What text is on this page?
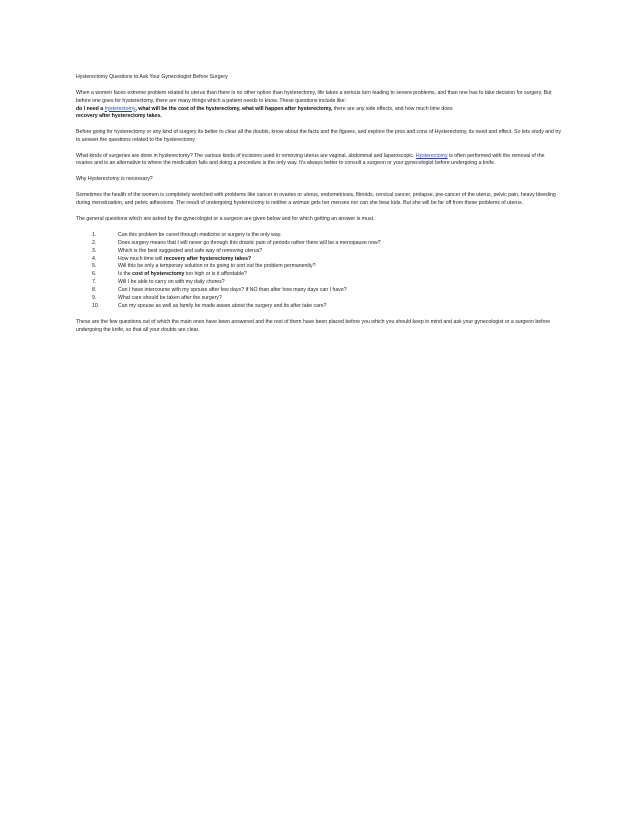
Hysterectomy Questions to Ask Your Gynecologist Before Surgery

When a women faces extreme problem related to uterus than there is no other option than hysterectomy, life takes a serious turn leading to severe problems, and than one has to take decision for surgery. But before one goes for hysterectomy, there are many things which a patient needs to know. These questions include like:
do I need a hysterectomy, what will be the cost of the hysterectomy, what will happen after hysterectomy, there are any side effects, and how much time does
recovery after hysterectomy takes.

Before going for hysterectomy or any kind of surgery its better to clear all the doubts, know about the facts and the figures, and explore the pros and cons of Hysterectomy, its need and effect. So lets study and try to answer the questions related to the hysterectomy.

What kinds of surgeries are done in hysterectomy? The various kinds of incisions used in removing uterus are vaginal, abdominal and laparoscopic. Hysterectomy is often performed with the removal of the ovaries and is an alternative to where the medication fails and doing a procedure is the only way. It's always better to consult a surgeon or your gynecologist before undergoing a knife.

Why Hysterectomy is necessary?

Sometimes the health of the women is completely wretched with problems like cancer in ovaries or uterus, endometriosis, fibroids, cervical cancer, prolapse, pre-cancer of the uterus, pelvic pain, heavy bleeding during menstruation, and pelvic adhesions. The result of undergoing hysterectomy is neither a woman gets her menses nor can she bear kids. But she will be far off from these problems of uterus.

The general questions which are asked by the gynecologist or a surgeon are given below and for which getting an answer is must.

1.	Can this problem be cured through medicine or surgery is the only way.
2.	Does surgery means that I will never go through this drastic pain of periods rather there will be a menopause now?
3.	Which is the best suggested and safe way of removing uterus?
4.	How much time will recovery after hysterectomy takes?
5.	Will this be only a temporary solution or its going to sort out the problem permanently?
6.	Is the cost of hysterectomy too high or is it affordable?
7.	Will I be able to carry on with my daily chores?
8.	Can I have intercourse with my spouse after few days? If NO than after how many days can I have?
9.	What care should be taken after the surgery?
10.	Can my spouse as well as family be made aware about the surgery and its after take care?

These are the few questions out of which the main ones have been answered and the rest of them have been placed before you which you should keep in mind and ask your gynecologist or a surgeon before undergoing the knife, so that all your doubts are clear.
